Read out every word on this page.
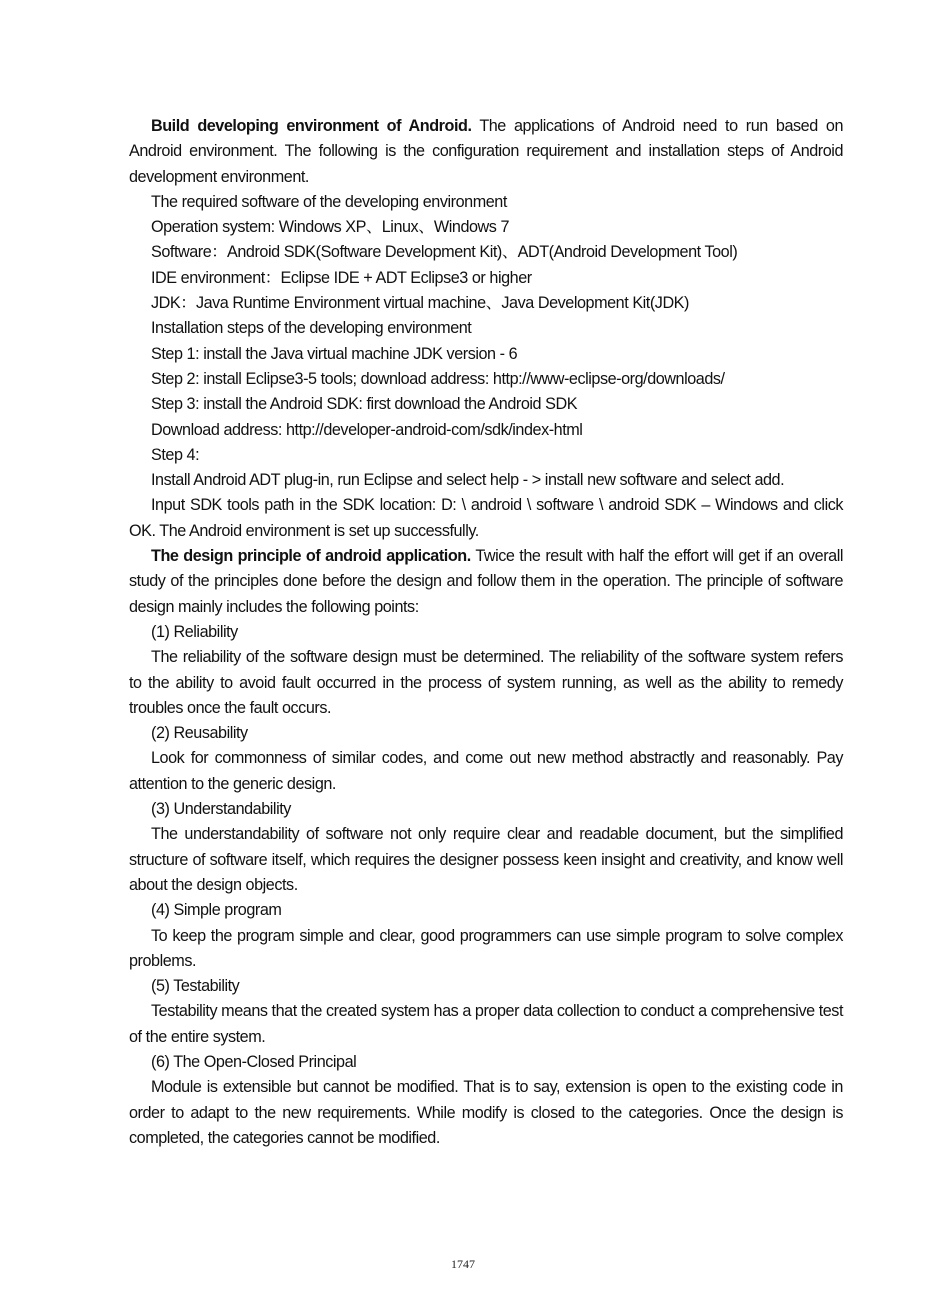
Build developing environment of Android. The applications of Android need to run based on Android environment. The following is the configuration requirement and installation steps of Android development environment.

The required software of the developing environment

Operation system: Windows XP、Linux、Windows 7

Software：Android SDK(Software Development Kit)、ADT(Android Development Tool)

IDE environment：Eclipse IDE + ADT Eclipse3 or higher

JDK：Java Runtime Environment virtual machine、Java Development Kit(JDK)

Installation steps of the developing environment

Step 1: install the Java virtual machine JDK version - 6

Step 2: install Eclipse3-5 tools; download address: http://www-eclipse-org/downloads/

Step 3: install the Android SDK: first download the Android SDK

Download address: http://developer-android-com/sdk/index-html

Step 4:

Install Android ADT plug-in, run Eclipse and select help - > install new software and select add.

Input SDK tools path in the SDK location: D: \ android \ software \ android SDK – Windows and click OK. The Android environment is set up successfully.

The design principle of android application. Twice the result with half the effort will get if an overall study of the principles done before the design and follow them in the operation. The principle of software design mainly includes the following points:

(1) Reliability

The reliability of the software design must be determined. The reliability of the software system refers to the ability to avoid fault occurred in the process of system running, as well as the ability to remedy troubles once the fault occurs.

(2) Reusability

Look for commonness of similar codes, and come out new method abstractly and reasonably. Pay attention to the generic design.

(3) Understandability

The understandability of software not only require clear and readable document, but the simplified structure of software itself, which requires the designer possess keen insight and creativity, and know well about the design objects.

(4) Simple program

To keep the program simple and clear, good programmers can use simple program to solve complex problems.

(5) Testability

Testability means that the created system has a proper data collection to conduct a comprehensive test of the entire system.

(6) The Open-Closed Principal

Module is extensible but cannot be modified. That is to say, extension is open to the existing code in order to adapt to the new requirements. While modify is closed to the categories. Once the design is completed, the categories cannot be modified.

1747
